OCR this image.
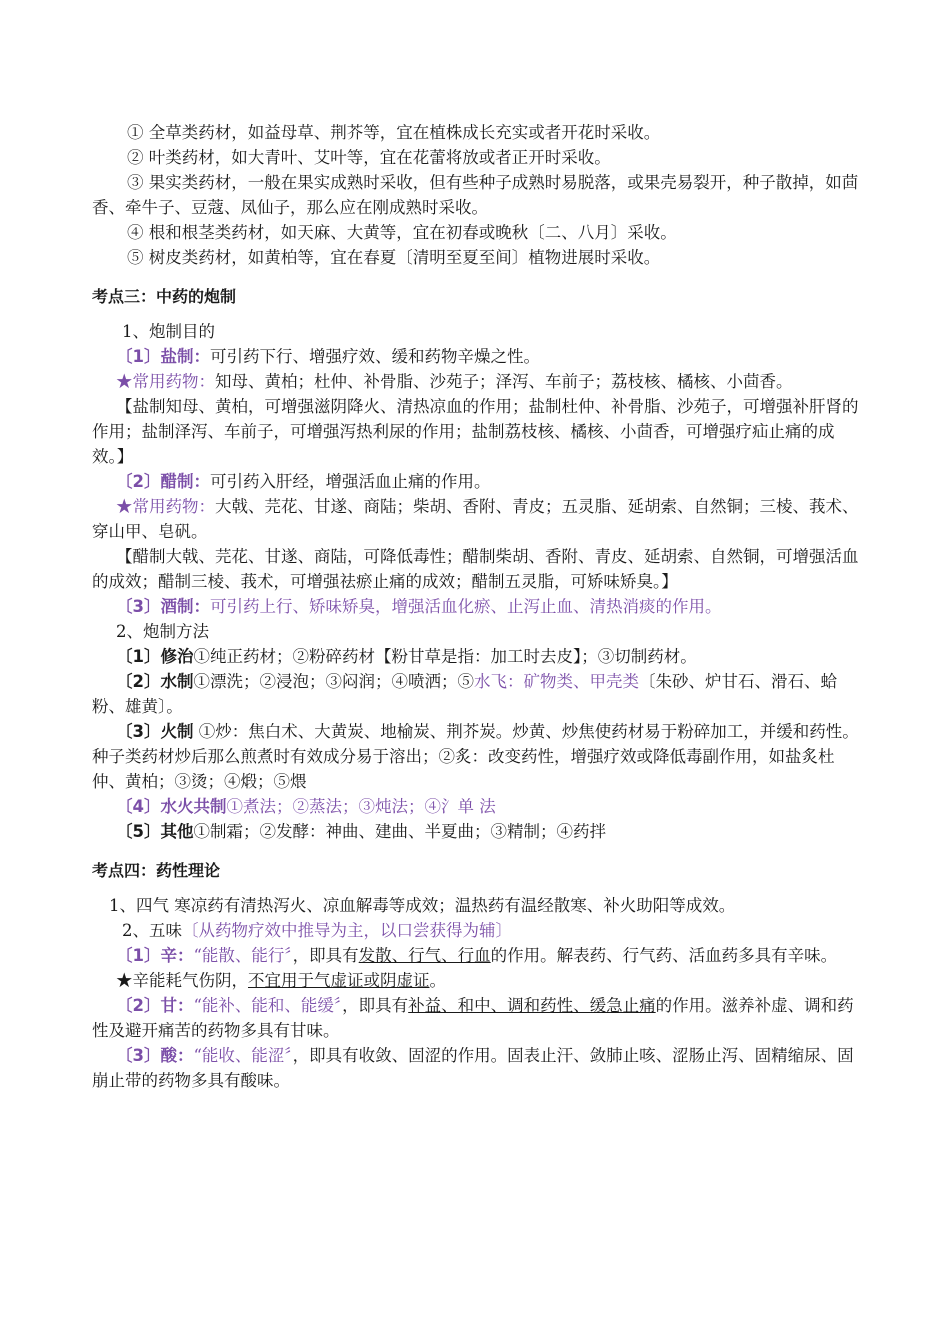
① 全草类药材，如益母草、荆芥等，宜在植株成长充实或者开花时采收。

② 叶类药材，如大青叶、艾叶等，宜在花蕾将放或者正开时采收。

③ 果实类药材，一般在果实成熟时采收，但有些种子成熟时易脱落，或果壳易裂开，种子散掉，如茴香、牵牛子、豆蔻、凤仙子，那么应在刚成熟时采收。

④ 根和根茎类药材，如天麻、大黄等，宜在初春或晚秋〔二、八月〕采收。

⑤ 树皮类药材，如黄柏等，宜在春夏〔清明至夏至间〕植物进展时采收。

考点三：中药的炮制

1、炮制目的

〔1〕盐制：可引药下行、增强疗效、缓和药物辛燥之性。

★常用药物：知母、黄柏；杜仲、补骨脂、沙苑子；泽泻、车前子；荔枝核、橘核、小茴香。

【盐制知母、黄柏，可增强滋阴降火、清热凉血的作用；盐制杜仲、补骨脂、沙苑子，可增强补肝肾的作用；盐制泽泻、车前子，可增强泻热利尿的作用；盐制荔枝核、橘核、小茴香，可增强疗疝止痛的成效。】

〔2〕醋制：可引药入肝经，增强活血止痛的作用。

★常用药物：大戟、芫花、甘遂、商陆；柴胡、香附、青皮；五灵脂、延胡索、自然铜；三棱、莪术、穿山甲、皂矾。

【醋制大戟、芫花、甘遂、商陆，可降低毒性；醋制柴胡、香附、青皮、延胡索、自然铜，可增强活血的成效；醋制三棱、莪术，可增强祛瘀止痛的成效；醋制五灵脂，可矫味矫臭。】

〔3〕酒制：可引药上行、矫味矫臭，增强活血化瘀、止泻止血、清热消痰的作用。

2、炮制方法

〔1〕修治①纯正药材；②粉碎药材【粉甘草是指：加工时去皮】；③切制药材。

〔2〕水制①漂洗；②浸泡；③闷润；④喷洒；⑤水飞：矿物类、甲壳类〔朱砂、炉甘石、滑石、蛤粉、雄黄〕。

〔3〕火制 ①炒：焦白术、大黄炭、地榆炭、荆芥炭。炒黄、炒焦使药材易于粉碎加工，并缓和药性。种子类药材炒后那么煎煮时有效成分易于溶出；②炙：改变药性，增强疗效或降低毒副作用，如盐炙杜仲、黄柏；③烫；④煅；⑤煨

〔4〕水火共制①煮法；②蒸法；③炖法；④氵单 法

〔5〕其他①制霜；②发酵：神曲、建曲、半夏曲；③精制；④药拌

考点四：药性理论

1、四气 寒凉药有清热泻火、凉血解毒等成效；温热药有温经散寒、补火助阳等成效。

2、五味〔从药物疗效中推导为主，以口尝获得为辅〕

〔1〕辛：“能散、能行〞，即具有发散、行气、行血的作用。解表药、行气药、活血药多具有辛味。

★辛能耗气伤阴，不宜用于气虚证或阴虚证。

〔2〕甘：“能补、能和、能缓〞，即具有补益、和中、调和药性、缓急止痛的作用。滋养补虚、调和药性及避开痛苦的药物多具有甘味。

〔3〕酸：“能收、能涩〞，即具有收敛、固涩的作用。固表止汗、敛肺止咳、涩肠止泻、固精缩尿、固崩止带的药物多具有酸味。
